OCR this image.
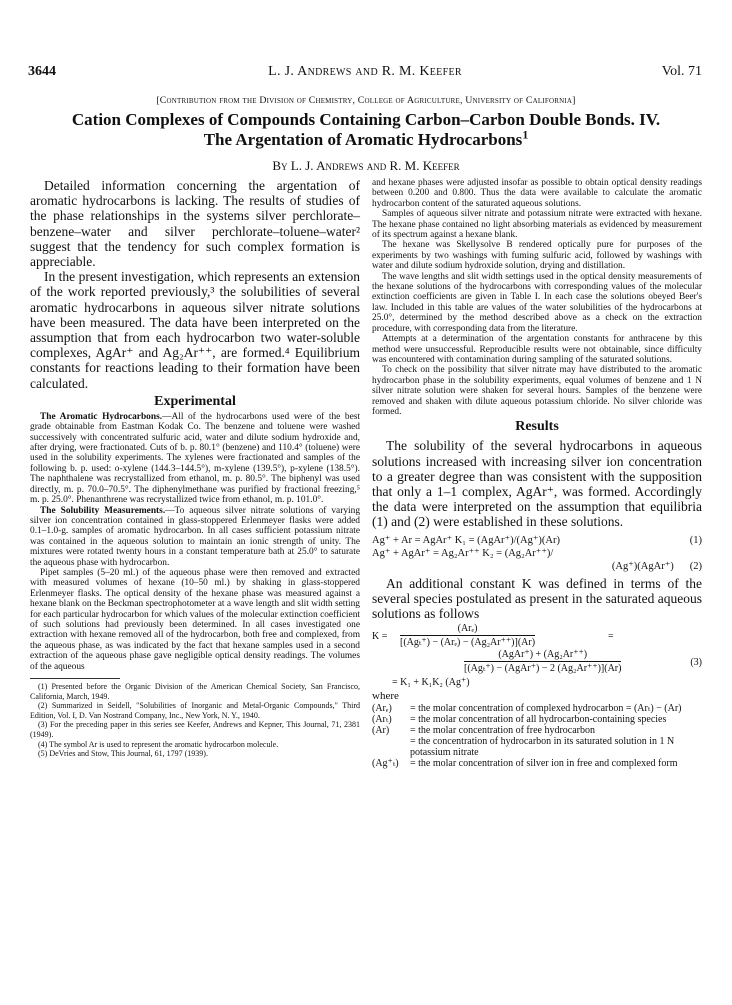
3644	L. J. Andrews and R. M. Keefer	Vol. 71
[Contribution from the Division of Chemistry, College of Agriculture, University of California]
Cation Complexes of Compounds Containing Carbon–Carbon Double Bonds. IV.
The Argentation of Aromatic Hydrocarbons$^1$
By L. J. Andrews and R. M. Keefer

Detailed information concerning the argentation of aromatic hydrocarbons is lacking. The results of studies of the phase relationships in the systems silver perchlorate–benzene–water and silver perchlorate–toluene–water² suggest that the tendency for such complex formation is appreciable.

In the present investigation, which represents an extension of the work reported previously,³ the solubilities of several aromatic hydrocarbons in aqueous silver nitrate solutions have been measured. The data have been interpreted on the assumption that from each hydrocarbon two water-soluble complexes, AgAr⁺ and Ag₂Ar⁺⁺, are formed.⁴ Equilibrium constants for reactions leading to their formation have been calculated.

Experimental

The Aromatic Hydrocarbons.—All of the hydrocarbons used were of the best grade obtainable from Eastman Kodak Co. The benzene and toluene were washed successively with concentrated sulfuric acid, water and dilute sodium hydroxide and, after drying, were fractionated. Cuts of b. p. 80.1° (benzene) and 110.4° (toluene) were used in the solubility experiments. The xylenes were fractionated and samples of the following b. p. used: o-xylene (144.3–144.5°), m-xylene (139.5°), p-xylene (138.5°). The naphthalene was recrystallized from ethanol, m. p. 80.5°. The biphenyl was used directly, m. p. 70.0–70.5°. The diphenylmethane was purified by fractional freezing,⁵ m. p. 25.0°. Phenanthrene was recrystallized twice from ethanol, m. p. 101.0°.

The Solubility Measurements.—To aqueous silver nitrate solutions of varying silver ion concentration contained in glass-stoppered Erlenmeyer flasks were added 0.1–1.0-g. samples of aromatic hydrocarbon. In all cases sufficient potassium nitrate was contained in the aqueous solution to maintain an ionic strength of unity. The mixtures were rotated twenty hours in a constant temperature bath at 25.0° to saturate the aqueous phase with hydrocarbon.

Pipet samples (5–20 ml.) of the aqueous phase were then removed and extracted with measured volumes of hexane (10–50 ml.) by shaking in glass-stoppered Erlenmeyer flasks. The optical density of the hexane phase was measured against a hexane blank on the Beckman spectrophotometer at a wave length and slit width setting for each particular hydrocarbon for which values of the molecular extinction coefficient of such solutions had previously been determined. In all cases investigated one extraction with hexane removed all of the hydrocarbon, both free and complexed, from the aqueous phase, as was indicated by the fact that hexane samples used in a second extraction of the aqueous phase gave negligible optical density readings. The volumes of the aqueous

(1) Presented before the Organic Division of the American Chemical Society, San Francisco, California, March, 1949.

(2) Summarized in Seidell, "Solubilities of Inorganic and Metal-Organic Compounds," Third Edition, Vol. I, D. Van Nostrand Company, Inc., New York, N. Y., 1940.

(3) For the preceding paper in this series see Keefer, Andrews and Kepner, This Journal, 71, 2381 (1949).

(4) The symbol Ar is used to represent the aromatic hydrocarbon molecule.

(5) DeVries and Stow, This Journal, 61, 1797 (1939).

and hexane phases were adjusted insofar as possible to obtain optical density readings between 0.200 and 0.800. Thus the data were available to calculate the aromatic hydrocarbon content of the saturated aqueous solutions.

Samples of aqueous silver nitrate and potassium nitrate were extracted with hexane. The hexane phase contained no light absorbing materials as evidenced by measurement of its spectrum against a hexane blank.

The hexane was Skellysolve B rendered optically pure for purposes of the experiments by two washings with fuming sulfuric acid, followed by washings with water and dilute sodium hydroxide solution, drying and distillation.

The wave lengths and slit width settings used in the optical density measurements of the hexane solutions of the hydrocarbons with corresponding values of the molecular extinction coefficients are given in Table I. In each case the solutions obeyed Beer's law. Included in this table are values of the water solubilities of the hydrocarbons at 25.0°, determined by the method described above as a check on the extraction procedure, with corresponding data from the literature.

Attempts at a determination of the argentation constants for anthracene by this method were unsuccessful. Reproducible results were not obtainable, since difficulty was encountered with contamination during sampling of the saturated solutions.

To check on the possibility that silver nitrate may have distributed to the aromatic hydrocarbon phase in the solubility experiments, equal volumes of benzene and 1 N silver nitrate solution were shaken for several hours. Samples of the benzene were removed and shaken with dilute aqueous potassium chloride. No silver chloride was formed.

Results

The solubility of the several hydrocarbons in aqueous solutions increased with increasing silver ion concentration to a greater degree than was consistent with the supposition that only a 1–1 complex, AgAr⁺, was formed. Accordingly the data were interpreted on the assumption that equilibria (1) and (2) were established in these solutions.

Ag⁺ + Ar = AgAr⁺ K₁ = (AgAr⁺)/(Ag⁺)(Ar)	(1)
Ag⁺ + AgAr⁺ = Ag₂Ar⁺⁺ K₂ = (Ag₂Ar⁺⁺)/
(Ag⁺)(AgAr⁺) (2)

An additional constant K was defined in terms of the several species postulated as present in the saturated aqueous solutions as follows

K =
(Arₑ)
[(Agₜ⁺) − (Arₑ) − (Ag₂Ar⁺⁺)](Ar)
=
(AgAr⁺) + (Ag₂Ar⁺⁺)
[(Agₜ⁺) − (AgAr⁺) − 2 (Ag₂Ar⁺⁺)](Ar)
(3)
= K₁ + K₁K₂ (Ag⁺)
where
(Arₑ)	= the molar concentration of complexed hydrocarbon = (Arₜ) − (Ar)
(Arₜ)	= the molar concentration of all hydrocarbon-containing species
(Ar)	= the molar concentration of free hydrocarbon
= the concentration of hydrocarbon in its saturated solution in 1 N potassium nitrate
(Ag⁺ₜ)	= the molar concentration of silver ion in free and complexed form
